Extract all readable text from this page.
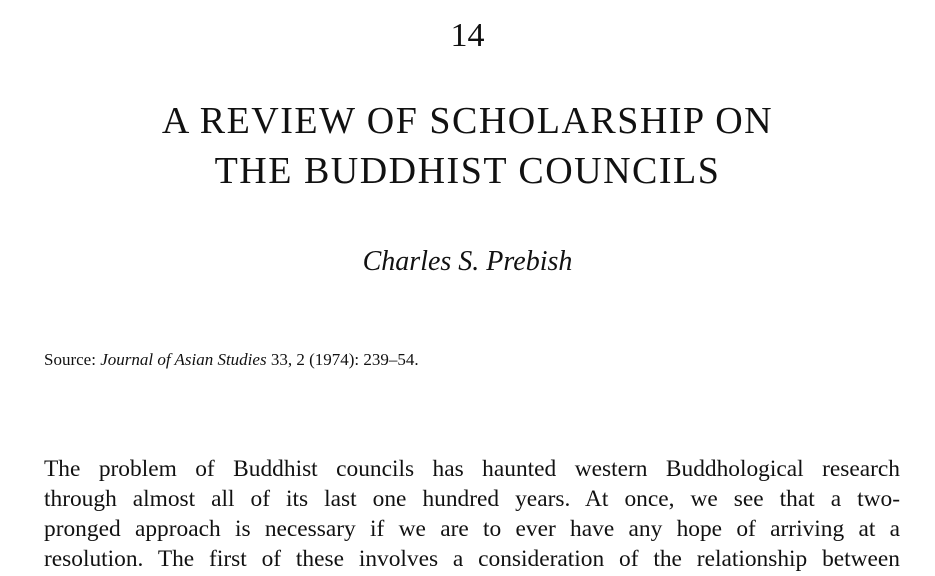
14
A REVIEW OF SCHOLARSHIP ON
THE BUDDHIST COUNCILS
Charles S. Prebish
Source: Journal of Asian Studies 33, 2 (1974): 239–54.
The problem of Buddhist councils has haunted western Buddhological research
through almost all of its last one hundred years. At once, we see that a two-
pronged approach is necessary if we are to ever have any hope of arriving at a
resolution. The first of these involves a consideration of the relationship between
